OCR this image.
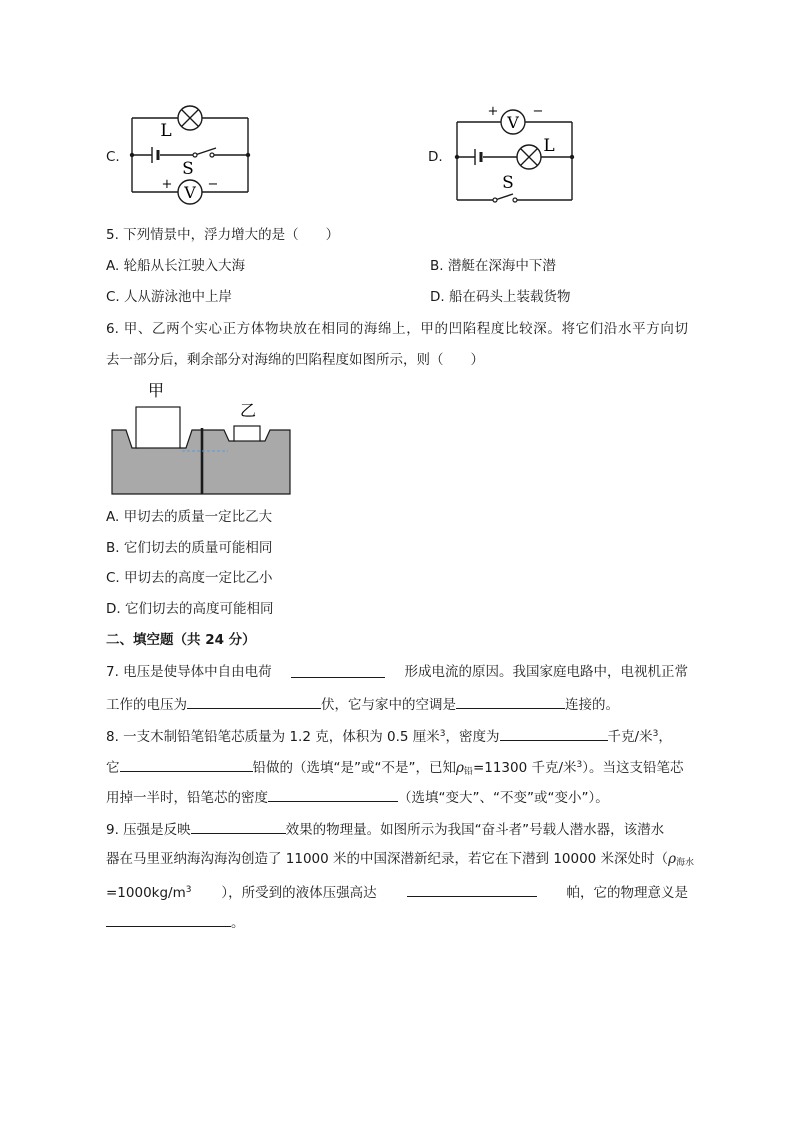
C.
V
L
S
+	−
D.
V
+	−
L
S
5. 下列情景中，浮力增大的是（　　）
A. 轮船从长江驶入大海	B. 潜艇在深海中下潜
C. 人从游泳池中上岸	D. 船在码头上装载货物
6. 甲、乙两个实心正方体物块放在相同的海绵上，甲的凹陷程度比较深。将它们沿水平方向切
去一部分后，剩余部分对海绵的凹陷程度如图所示，则（　　）
甲
乙
A. 甲切去的质量一定比乙大
B. 它们切去的质量可能相同
C. 甲切去的高度一定比乙小
D. 它们切去的高度可能相同
二、填空题（共 24 分）
7. 电压是使导体中自由电荷	形成电流的原因。我国家庭电路中，电视机正常
工作的电压为	伏，它与家中的空调是	连接的。
8. 一支木制铅笔铅笔芯质量为 1.2 克，体积为 0.5 厘米$^3$，密度为	千克/米$^3$，
它	铅做的（选填“是”或“不是”，已知$\rho_铅=11300$ 千克/米$^3$）。当这支铅笔芯
用掉一半时，铅笔芯的密度	（选填“变大”、“不变”或“变小”）。
9. 压强是反映	效果的物理量。如图所示为我国“奋斗者”号载人潜水器，该潜水
器在马里亚纳海沟海沟创造了 11000 米的中国深潜新纪录，若它在下潜到 10000 米深处时（$\rho_{海水}$
$=1000kg/m^3$ ），所受到的液体压强高达	帕，它的物理意义是
。
